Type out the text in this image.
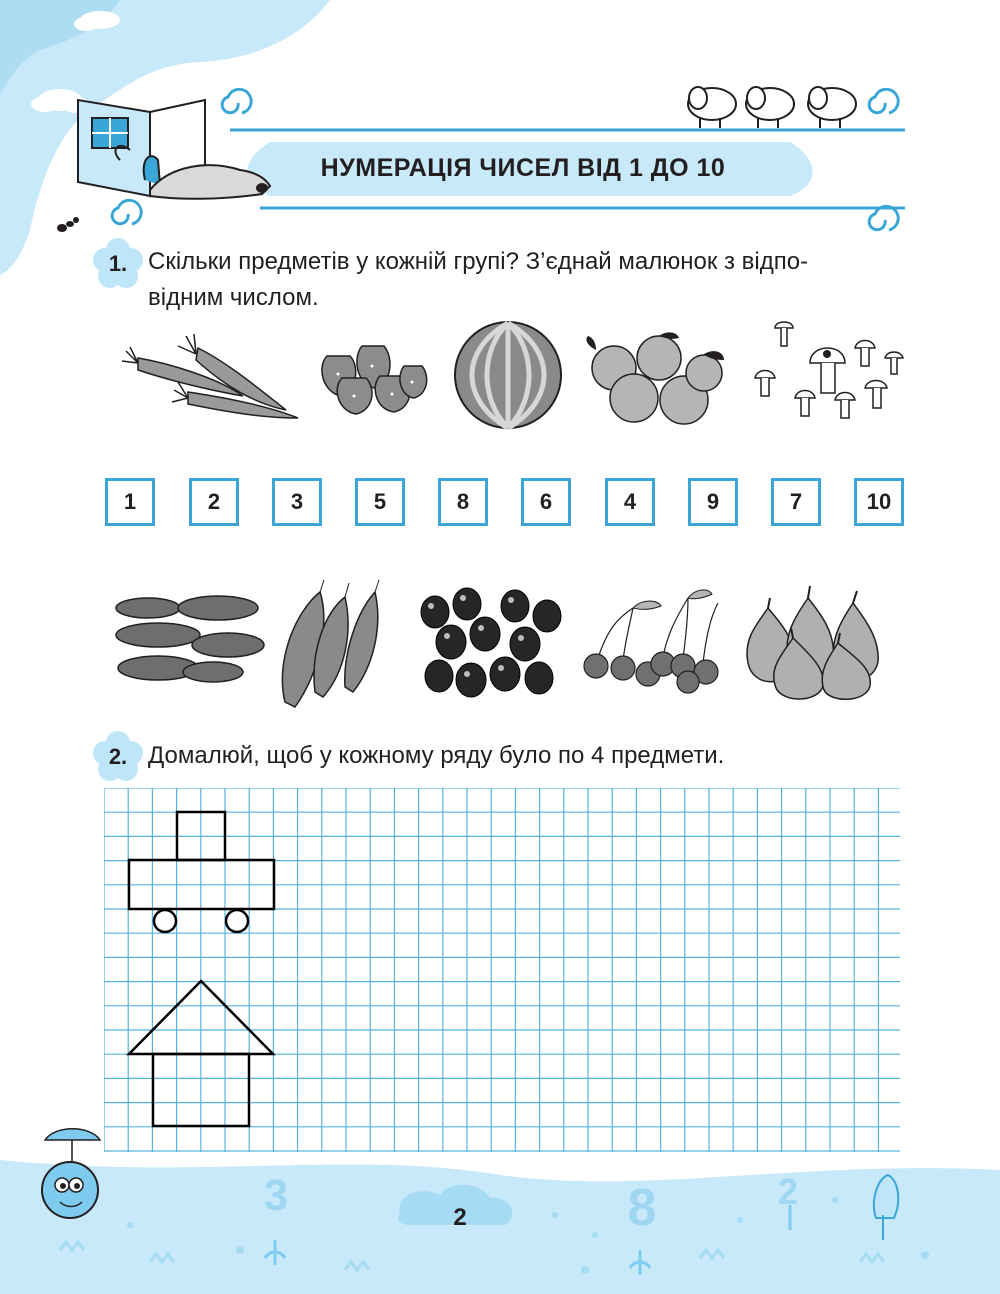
НУМЕРАЦІЯ ЧИСЕЛ ВІД 1 ДО 10
1. Скільки предметів у кожній групі? З’єднай малюнок з відпо-
відним числом.
1	2	3	5	8	6	4	9	7	10
2. Домалюй, щоб у кожному ряду було по 4 предмети.
2
3	8	2
